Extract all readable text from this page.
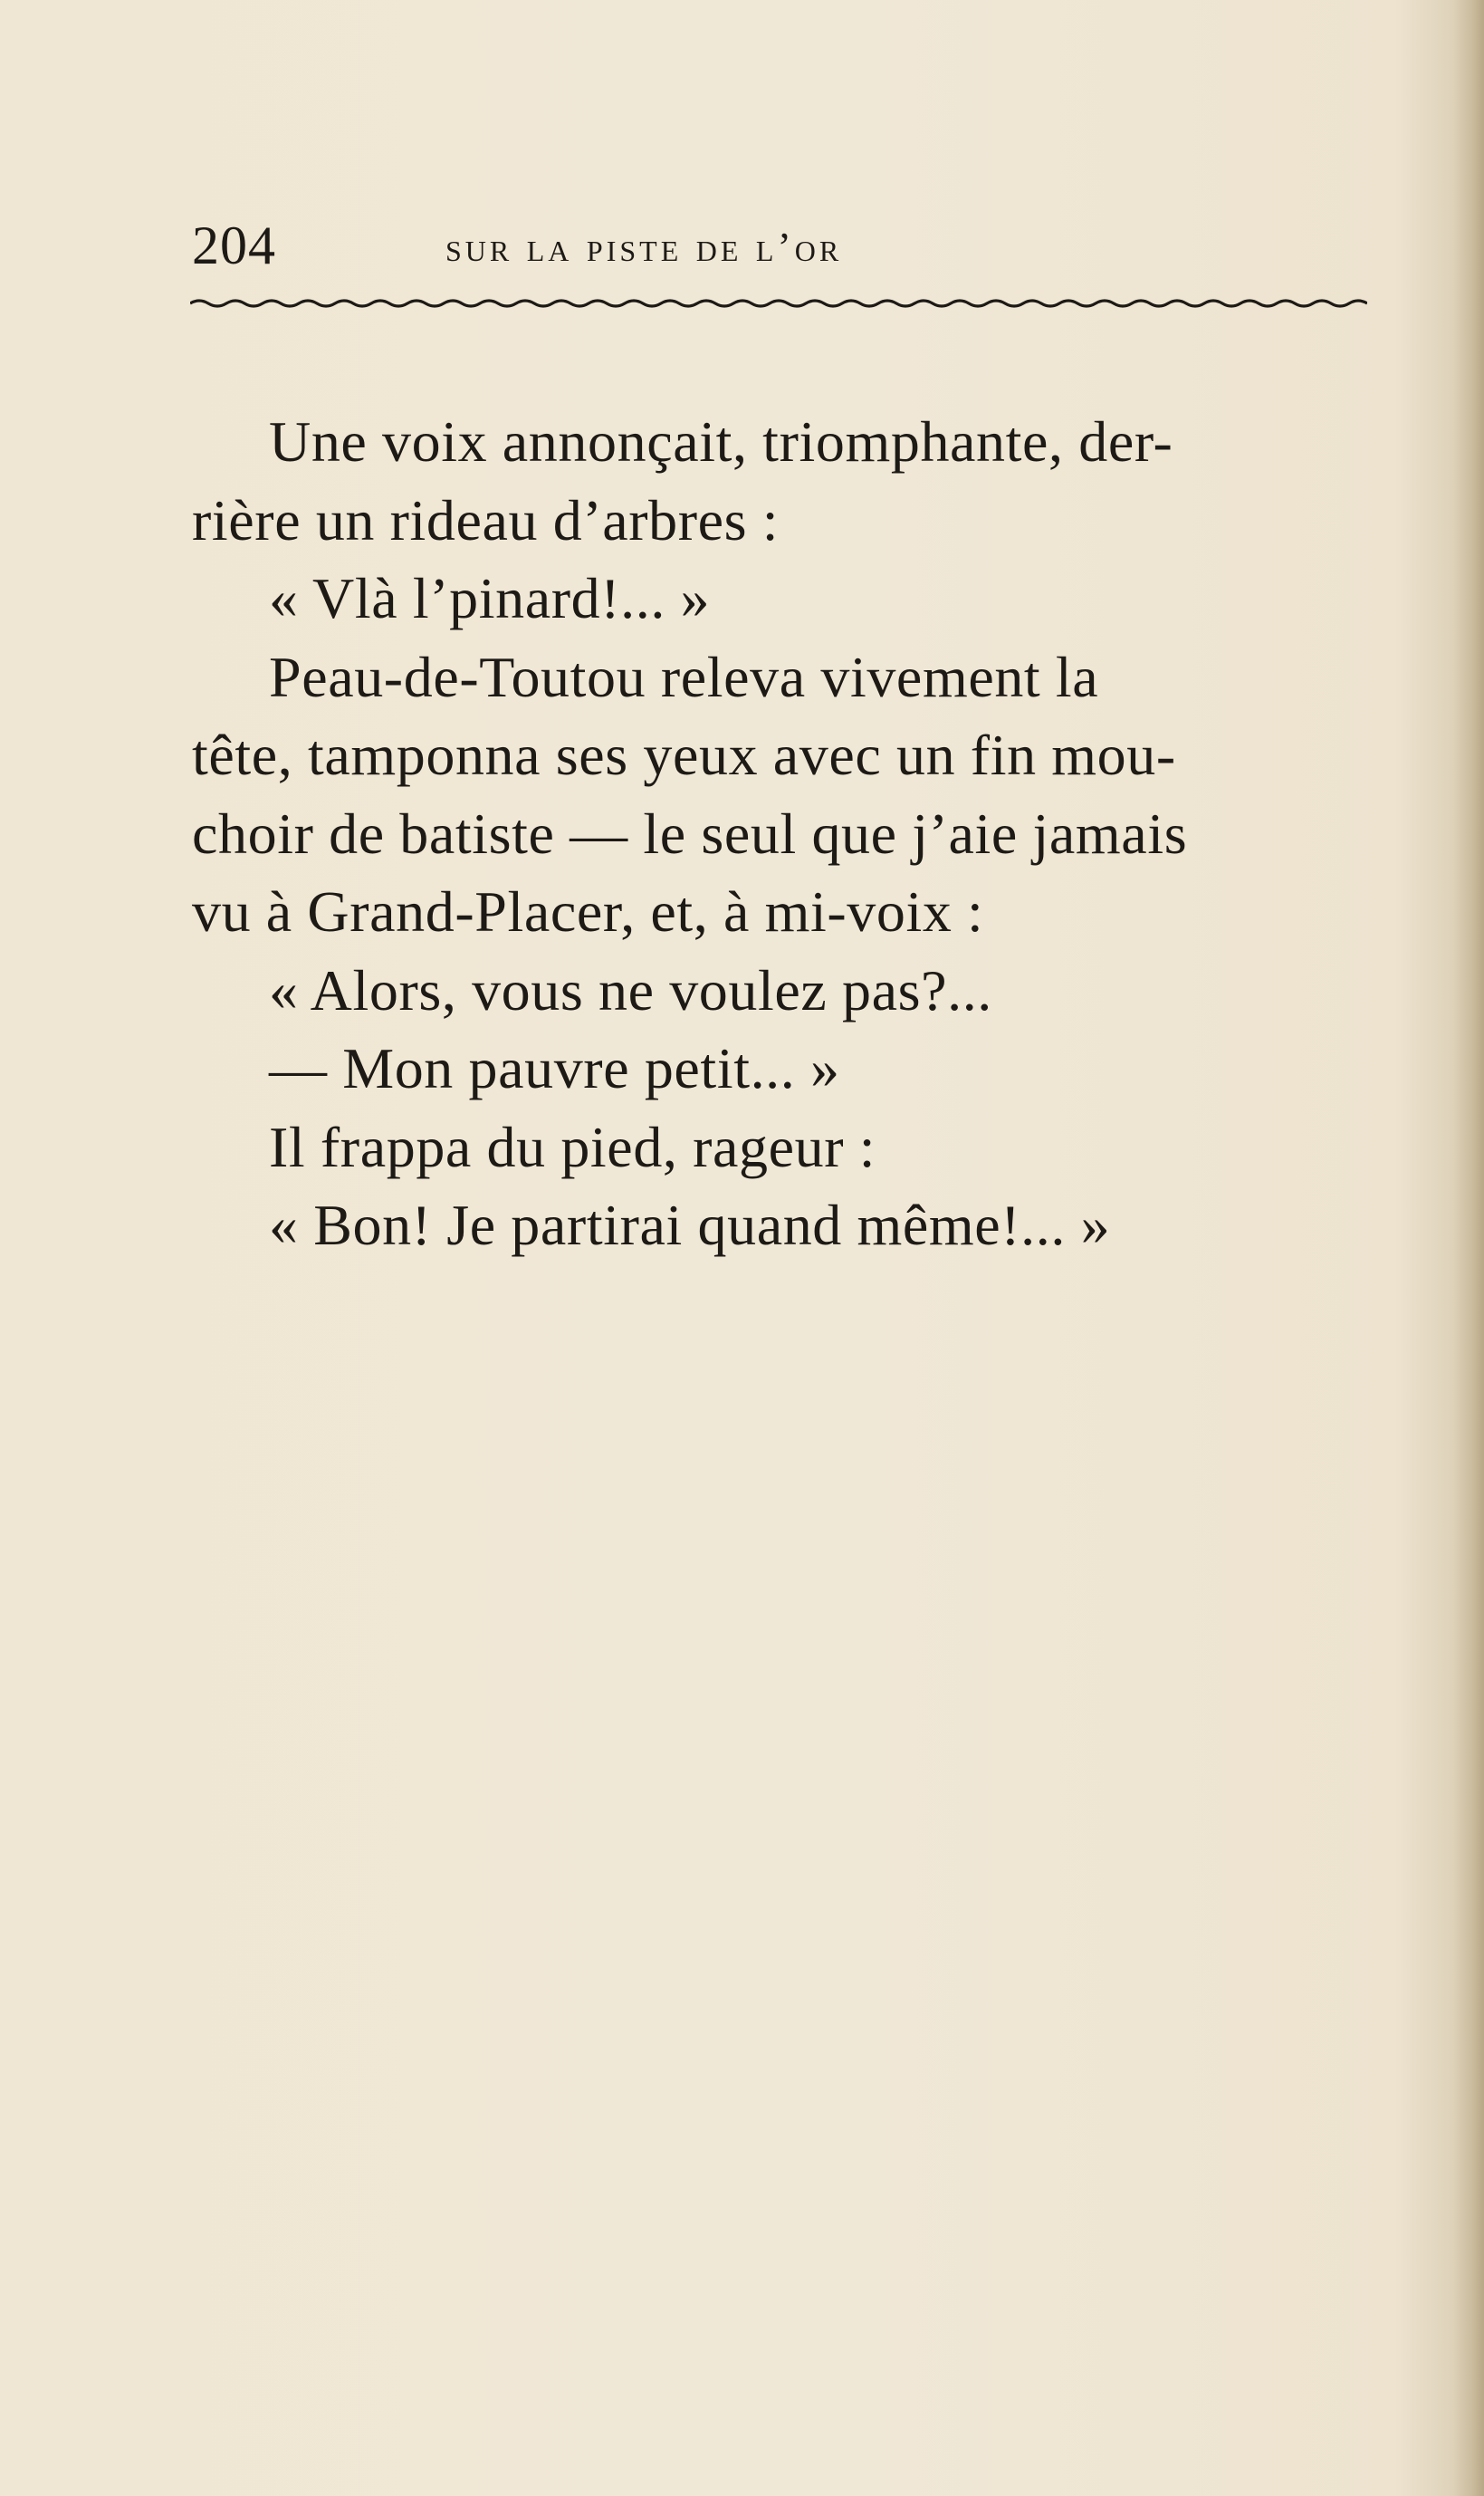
204	sur la piste de l’or
Une voix annonçait, triomphante, der-
rière un rideau d’arbres :
« Vlà l’pinard!... »
Peau-de-Toutou releva vivement la
tête, tamponna ses yeux avec un fin mou-
choir de batiste — le seul que j’aie jamais
vu à Grand-Placer, et, à mi-voix :
« Alors, vous ne voulez pas?...
— Mon pauvre petit... »
Il frappa du pied, rageur :
« Bon! Je partirai quand même!... »
